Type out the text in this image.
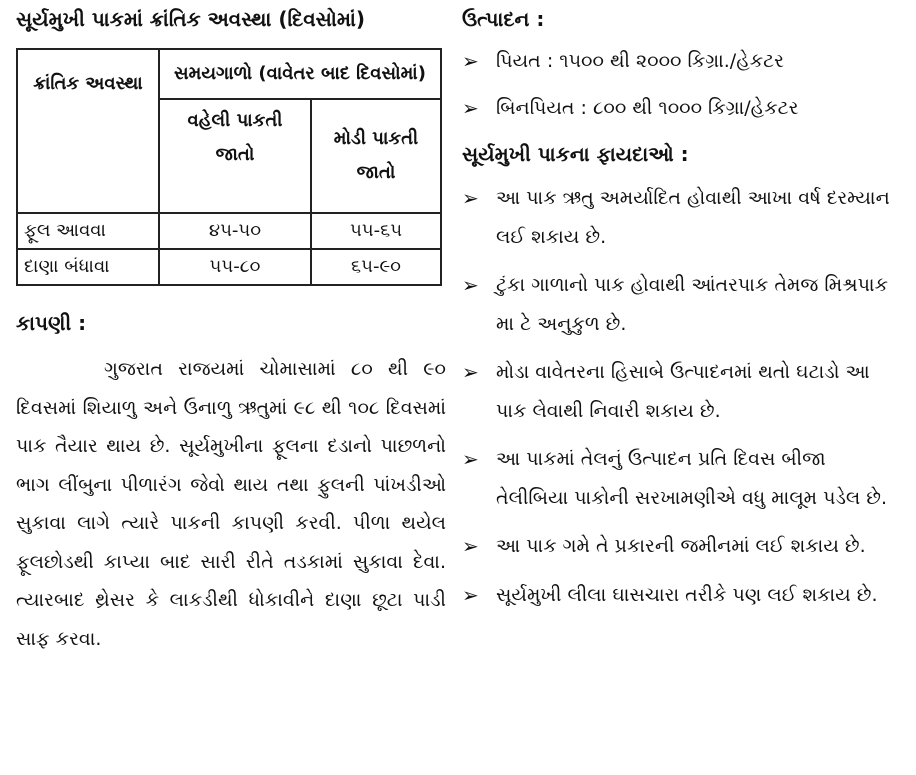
સૂર્યમુખી પાકમાં ક્રાંતિક અવસ્થા (દિવસોમાં)
ક્રાંતિક અવસ્થા	સમયગાળો (વાવેતર બાદ દિવસોમાં)	
	વહેલી પાકતી જાતો	મોડી પાકતી જાતો
ફૂલ આવવા	૪૫-૫૦	૫૫-૬૫
દાણા બંધાવા	૫૫-૮૦	૬૫-૯૦
કાપણી :

ગુજરાત રાજયમાં ચોમાસામાં ૮૦ થી ૯૦ દિવસમાં શિયાળુ અને ઉનાળુ ઋતુમાં ૯૮ થી ૧૦૮ દિવસમાં પાક તૈયાર થાય છે. સૂર્યમુખીના ફૂલના દડાનો પાછળનો ભાગ લીંબુના પીળારંગ જેવો થાય તથા ફુલની પાંખડીઓ સુકાવા લાગે ત્યારે પાકની કાપણી કરવી. પીળા થયેલ ફૂલછોડથી કાપ્યા બાદ સારી રીતે તડકામાં સુકાવા દેવા. ત્યારબાદ થ્રેસર કે લાકડીથી ધોકાવીને દાણા છૂટા પાડી સાફ કરવા.

ઉત્પાદન :
➢ પિયત : ૧૫૦૦ થી ૨૦૦૦ કિગ્રા./હેકટર
➢ બિનપિયત : ૮૦૦ થી ૧૦૦૦ કિગ્રા/હેકટર
સૂર્યમુખી પાકના ફાયદાઓ :
➢ આ પાક ઋતુ અમર્યાદિત હોવાથી આખા વર્ષ દરમ્યાન લઈ શકાય છે.
➢ ટુંકા ગાળાનો પાક હોવાથી આંતરપાક તેમજ મિશ્રપાક મા ટે અનુકુળ છે.
➢ મોડા વાવેતરના હિસાબે ઉત્પાદનમાં થતો ઘટાડો આ પાક લેવાથી નિવારી શકાય છે.
➢ આ પાકમાં તેલનું ઉત્પાદન પ્રતિ દિવસ બીજા તેલીબિયા પાકોની સરખામણીએ વધુ માલૂમ પડેલ છે.
➢ આ પાક ગમે તે પ્રકારની જમીનમાં લઈ શકાય છે.
➢ સૂર્યમુખી લીલા ઘાસચારા તરીકે પણ લઈ શકાય છે.
